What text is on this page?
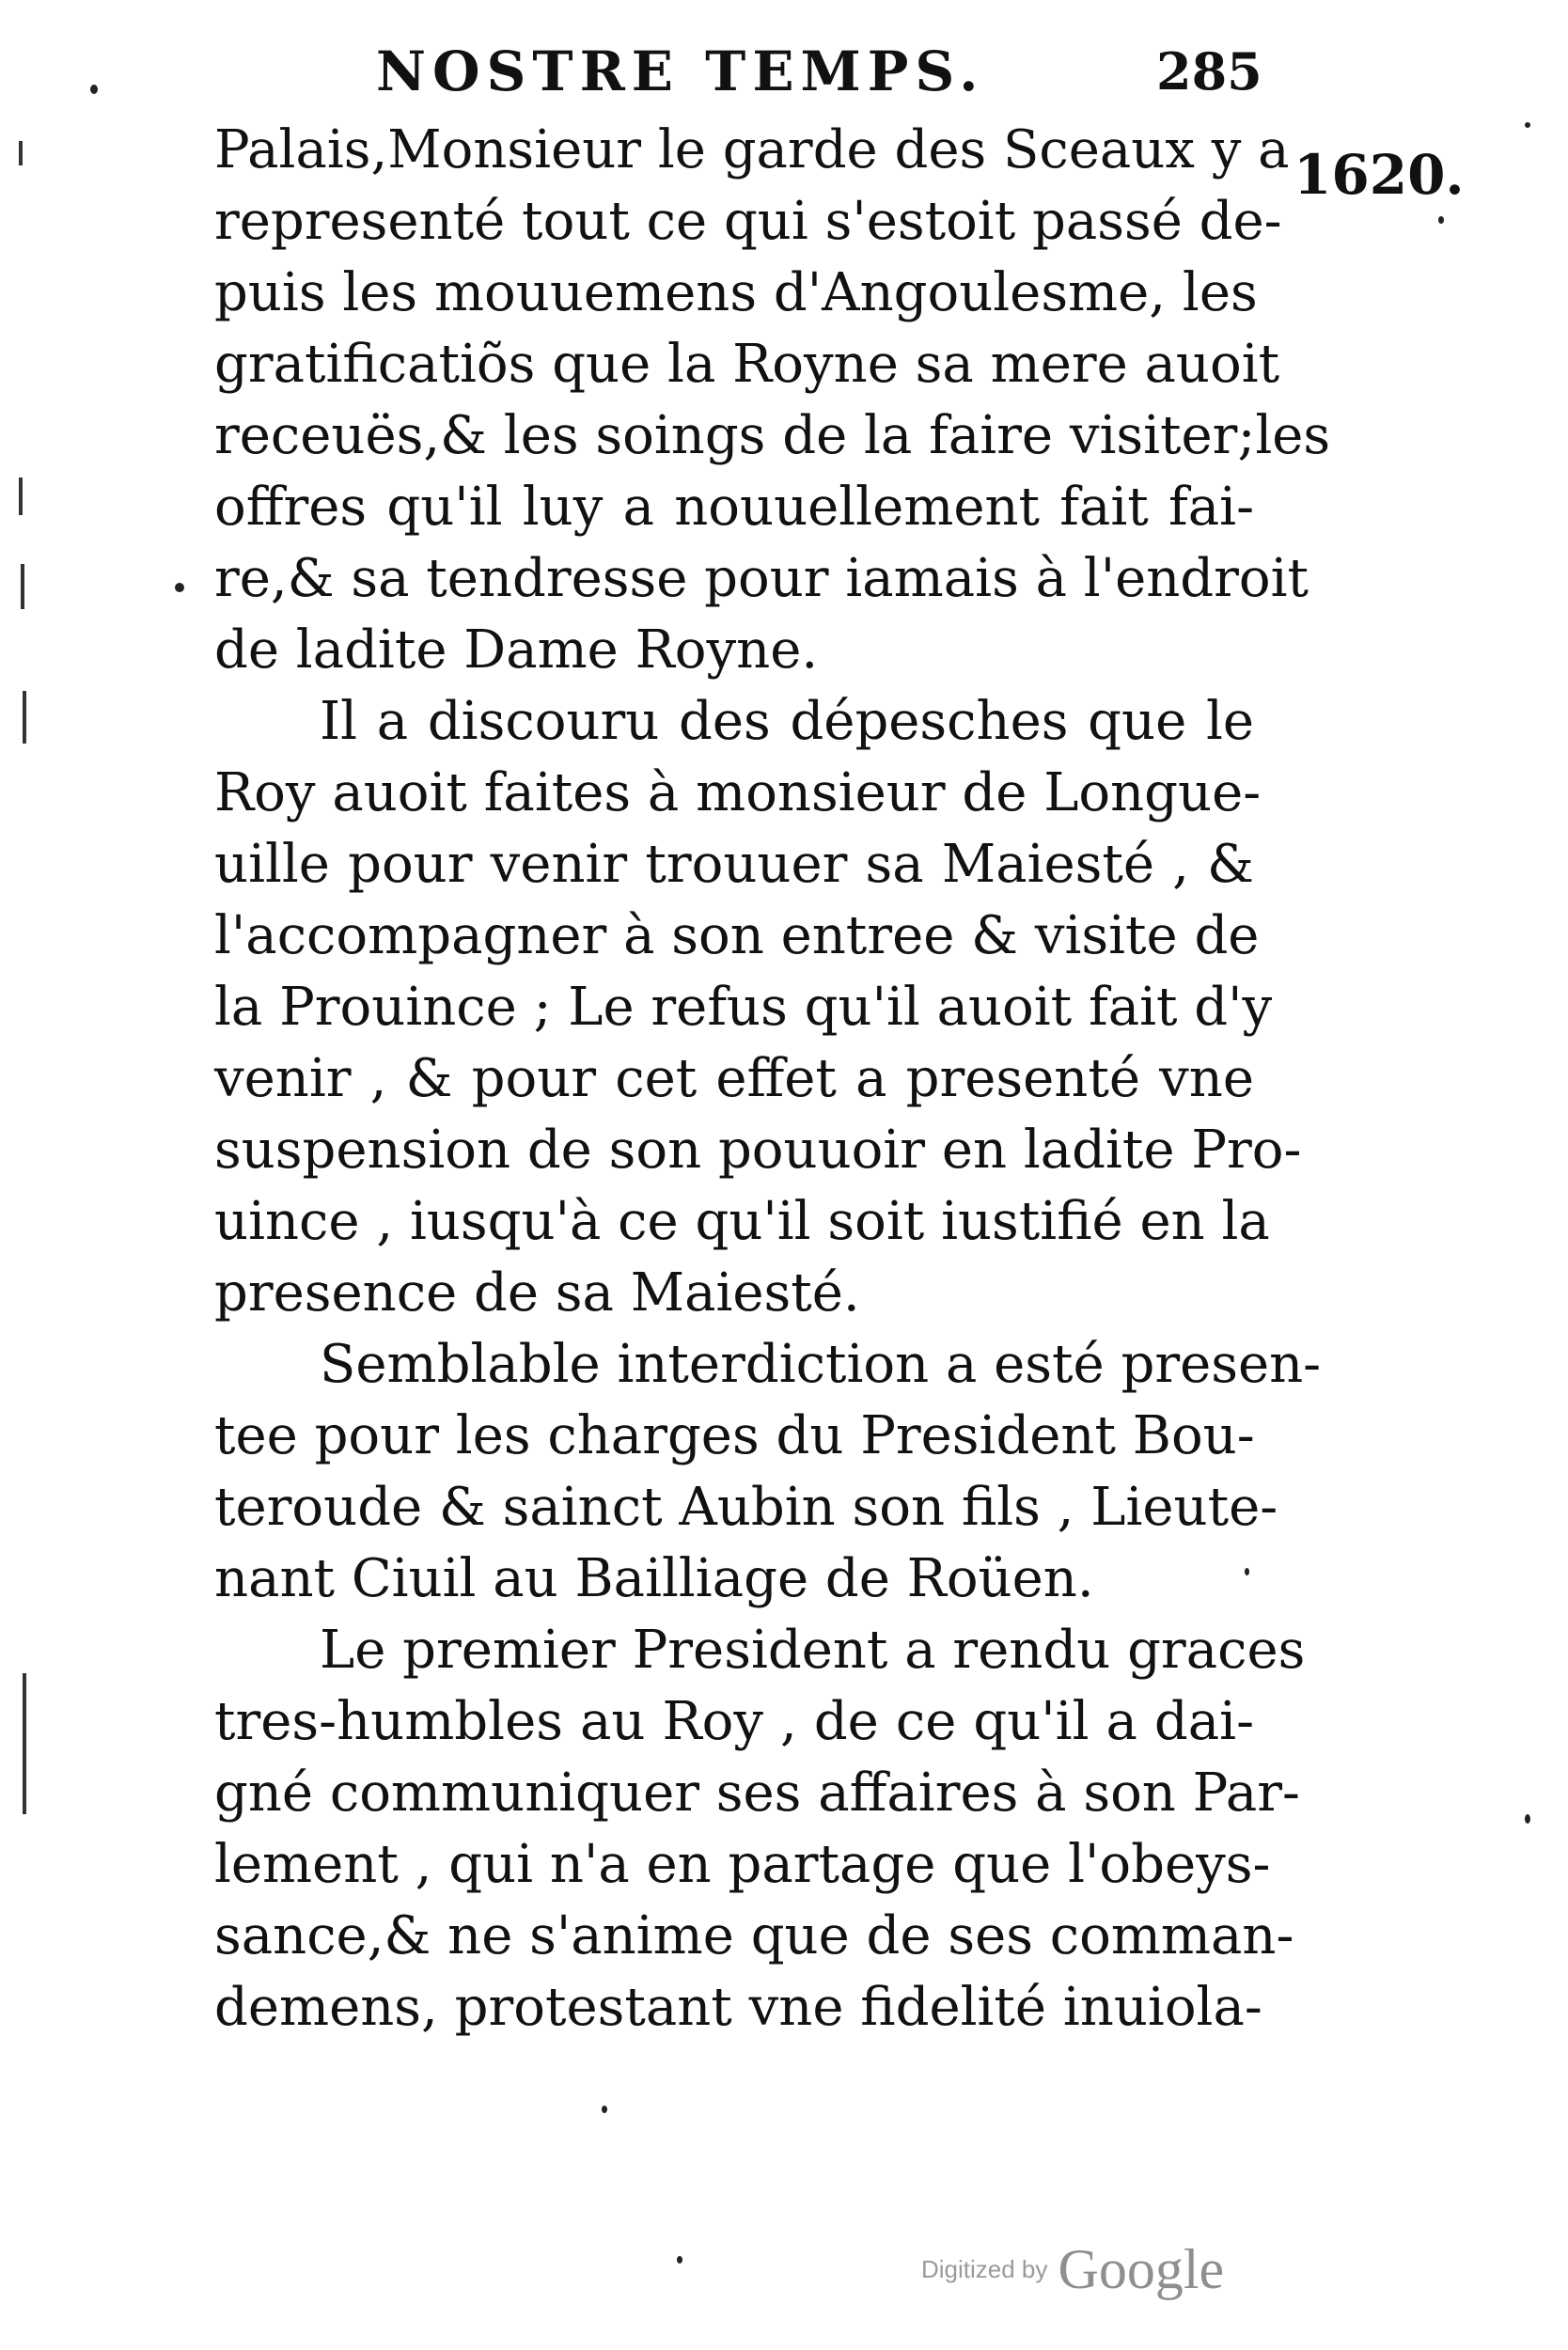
NOSTRE TEMPS.	285
1620.
Palais,Monsieur le garde des Sceaux y a
representé tout ce qui s'estoit passé de-
puis les mouuemens d'Angoulesme, les
gratificatiõs que la Royne sa mere auoit
receuës,& les soings de la faire visiter;les
offres qu'il luy a nouuellement fait fai-
re,& sa tendresse pour iamais à l'endroit
de ladite Dame Royne.
Il a discouru des dépesches que le
Roy auoit faites à monsieur de Longue-
uille pour venir trouuer sa Maiesté , &
l'accompagner à son entree & visite de
la Prouince ; Le refus qu'il auoit fait d'y
venir , & pour cet effet a presenté vne
suspension de son pouuoir en ladite Pro-
uince , iusqu'à ce qu'il soit iustifié en la
presence de sa Maiesté.
Semblable interdiction a esté presen-
tee pour les charges du President Bou-
teroude & sainct Aubin son fils , Lieute-
nant Ciuil au Bailliage de Roüen.
Le premier President a rendu graces
tres-humbles au Roy , de ce qu'il a dai-
gné communiquer ses affaires à son Par-
lement , qui n'a en partage que l'obeys-
sance,& ne s'anime que de ses comman-
demens, protestant vne fidelité inuiola-
Digitized by Google
